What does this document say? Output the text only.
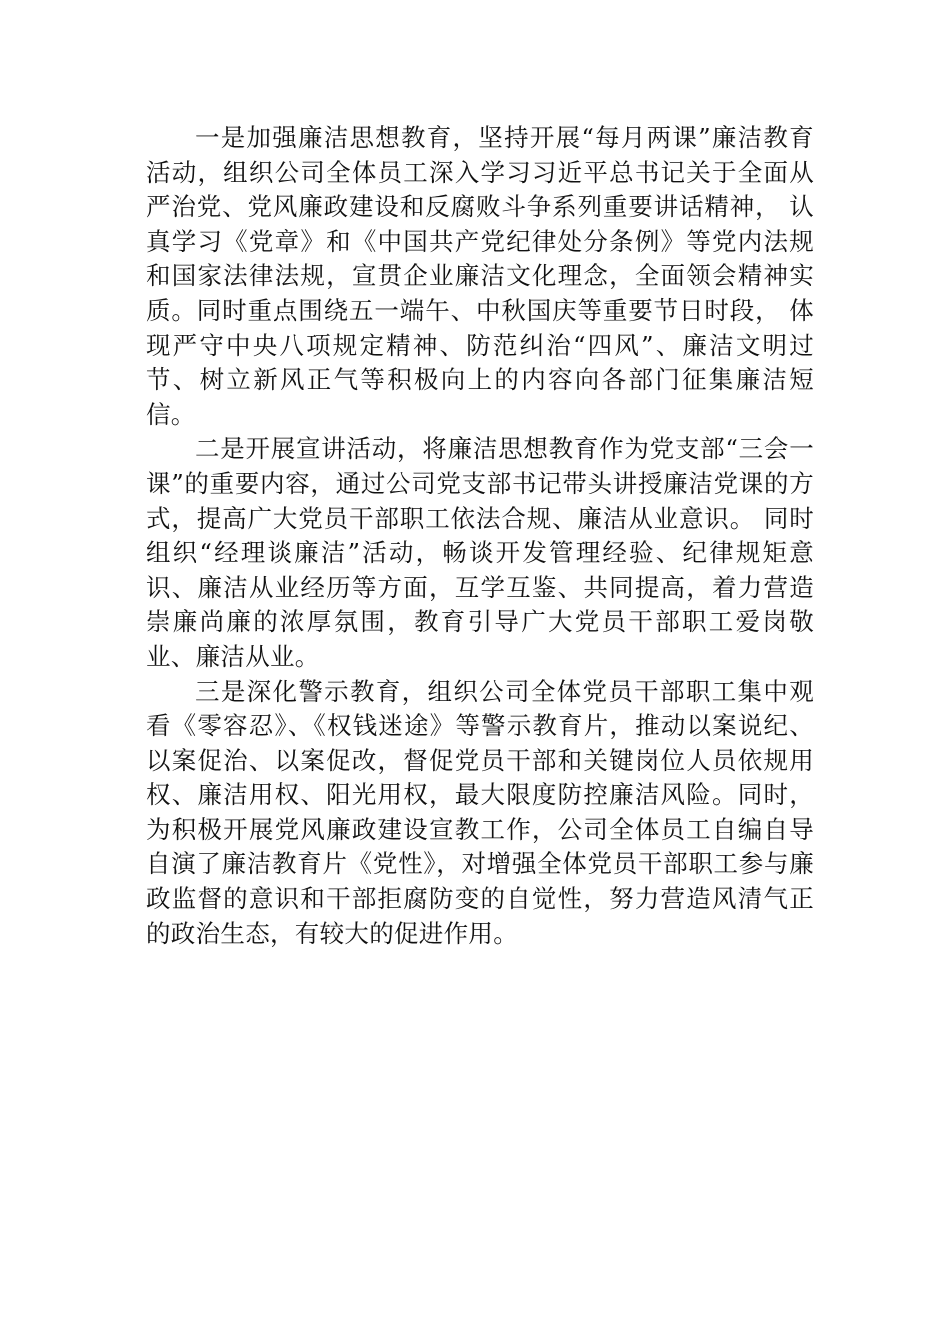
一是加强廉洁思想教育，坚持开展“每月两课”廉洁教育活动，组织公司全体员工深入学习习近平总书记关于全面从严治党、党风廉政建设和反腐败斗争系列重要讲话精神， 认真学习《党章》和《中国共产党纪律处分条例》等党内法规和国家法律法规，宣贯企业廉洁文化理念，全面领会精神实质。同时重点围绕五一端午、中秋国庆等重要节日时段， 体现严守中央八项规定精神、防范纠治“四风”、廉洁文明过节、树立新风正气等积极向上的内容向各部门征集廉洁短信。

二是开展宣讲活动，将廉洁思想教育作为党支部“三会一课”的重要内容，通过公司党支部书记带头讲授廉洁党课的方式，提高广大党员干部职工依法合规、廉洁从业意识。 同时组织“经理谈廉洁”活动，畅谈开发管理经验、纪律规矩意识、廉洁从业经历等方面，互学互鉴、共同提高，着力营造崇廉尚廉的浓厚氛围，教育引导广大党员干部职工爱岗敬业、廉洁从业。

三是深化警示教育，组织公司全体党员干部职工集中观看《零容忍》、《权钱迷途》等警示教育片，推动以案说纪、以案促治、以案促改，督促党员干部和关键岗位人员依规用权、廉洁用权、阳光用权，最大限度防控廉洁风险。同时， 为积极开展党风廉政建设宣教工作，公司全体员工自编自导自演了廉洁教育片《党性》，对增强全体党员干部职工参与廉政监督的意识和干部拒腐防变的自觉性，努力营造风清气正的政治生态，有较大的促进作用。
